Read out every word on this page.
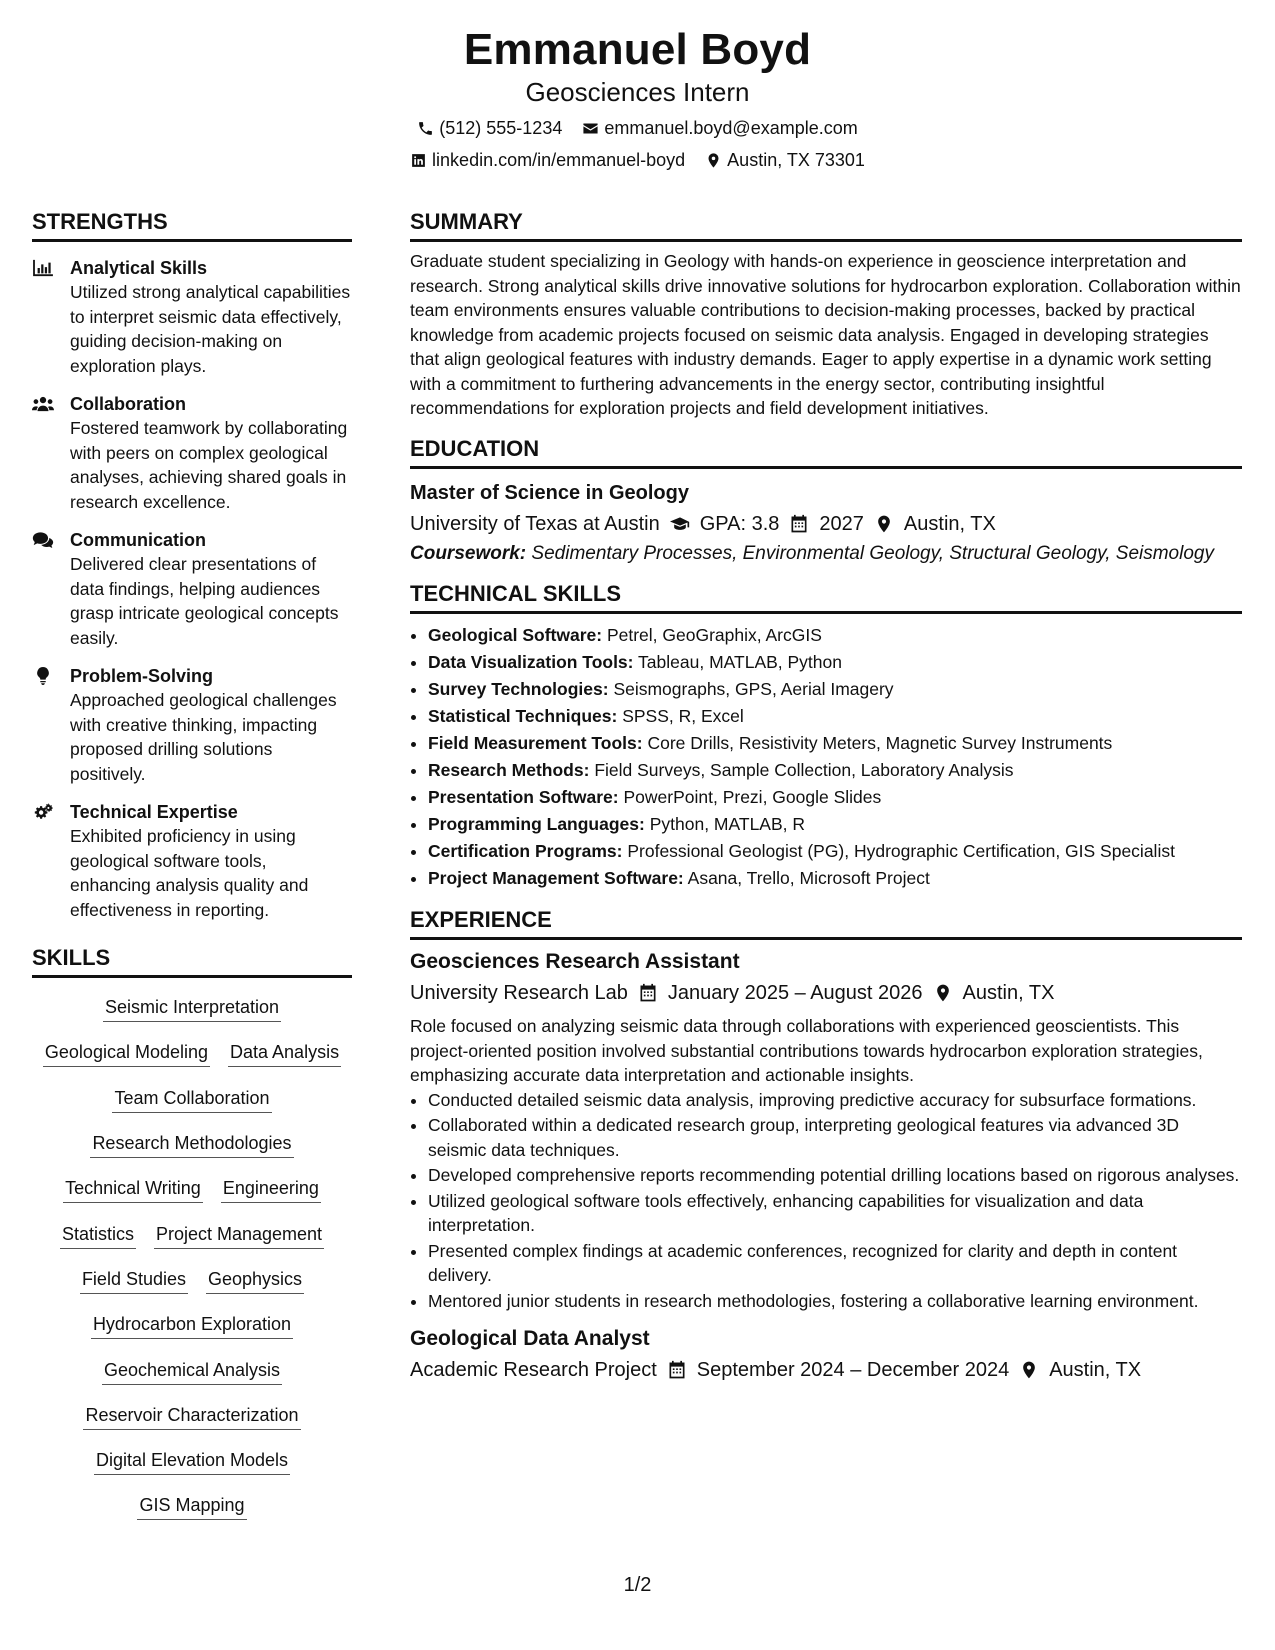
Emmanuel Boyd
Geosciences Intern
(512) 555-1234 emmanuel.boyd@example.com
linkedin.com/in/emmanuel-boyd Austin, TX 73301
STRENGTHS
Analytical Skills
Utilized strong analytical capabilities to interpret seismic data effectively, guiding decision-making on exploration plays.
Collaboration
Fostered teamwork by collaborating with peers on complex geological analyses, achieving shared goals in research excellence.
Communication
Delivered clear presentations of data findings, helping audiences grasp intricate geological concepts easily.
Problem-Solving
Approached geological challenges with creative thinking, impacting proposed drilling solutions positively.
Technical Expertise
Exhibited proficiency in using geological software tools, enhancing analysis quality and effectiveness in reporting.
SKILLS
Seismic Interpretation
Geological Modeling Data Analysis
Team Collaboration
Research Methodologies
Technical Writing Engineering
Statistics Project Management
Field Studies Geophysics
Hydrocarbon Exploration
Geochemical Analysis
Reservoir Characterization
Digital Elevation Models
GIS Mapping
SUMMARY
Graduate student specializing in Geology with hands-on experience in geoscience interpretation and research. Strong analytical skills drive innovative solutions for hydrocarbon exploration. Collaboration within team environments ensures valuable contributions to decision-making processes, backed by practical knowledge from academic projects focused on seismic data analysis. Engaged in developing strategies that align geological features with industry demands. Eager to apply expertise in a dynamic work setting with a commitment to furthering advancements in the energy sector, contributing insightful recommendations for exploration projects and field development initiatives.
EDUCATION
Master of Science in Geology
University of Texas at Austin GPA: 3.8 2027 Austin, TX
Coursework: Sedimentary Processes, Environmental Geology, Structural Geology, Seismology
TECHNICAL SKILLS
• Geological Software: Petrel, GeoGraphix, ArcGIS
• Data Visualization Tools: Tableau, MATLAB, Python
• Survey Technologies: Seismographs, GPS, Aerial Imagery
• Statistical Techniques: SPSS, R, Excel
• Field Measurement Tools: Core Drills, Resistivity Meters, Magnetic Survey Instruments
• Research Methods: Field Surveys, Sample Collection, Laboratory Analysis
• Presentation Software: PowerPoint, Prezi, Google Slides
• Programming Languages: Python, MATLAB, R
• Certification Programs: Professional Geologist (PG), Hydrographic Certification, GIS Specialist
• Project Management Software: Asana, Trello, Microsoft Project
EXPERIENCE
Geosciences Research Assistant
University Research Lab January 2025 – August 2026 Austin, TX
Role focused on analyzing seismic data through collaborations with experienced geoscientists. This project-oriented position involved substantial contributions towards hydrocarbon exploration strategies, emphasizing accurate data interpretation and actionable insights.
• Conducted detailed seismic data analysis, improving predictive accuracy for subsurface formations.
• Collaborated within a dedicated research group, interpreting geological features via advanced 3D seismic data techniques.
• Developed comprehensive reports recommending potential drilling locations based on rigorous analyses.
• Utilized geological software tools effectively, enhancing capabilities for visualization and data interpretation.
• Presented complex findings at academic conferences, recognized for clarity and depth in content delivery.
• Mentored junior students in research methodologies, fostering a collaborative learning environment.
Geological Data Analyst
Academic Research Project September 2024 – December 2024 Austin, TX
1/2
